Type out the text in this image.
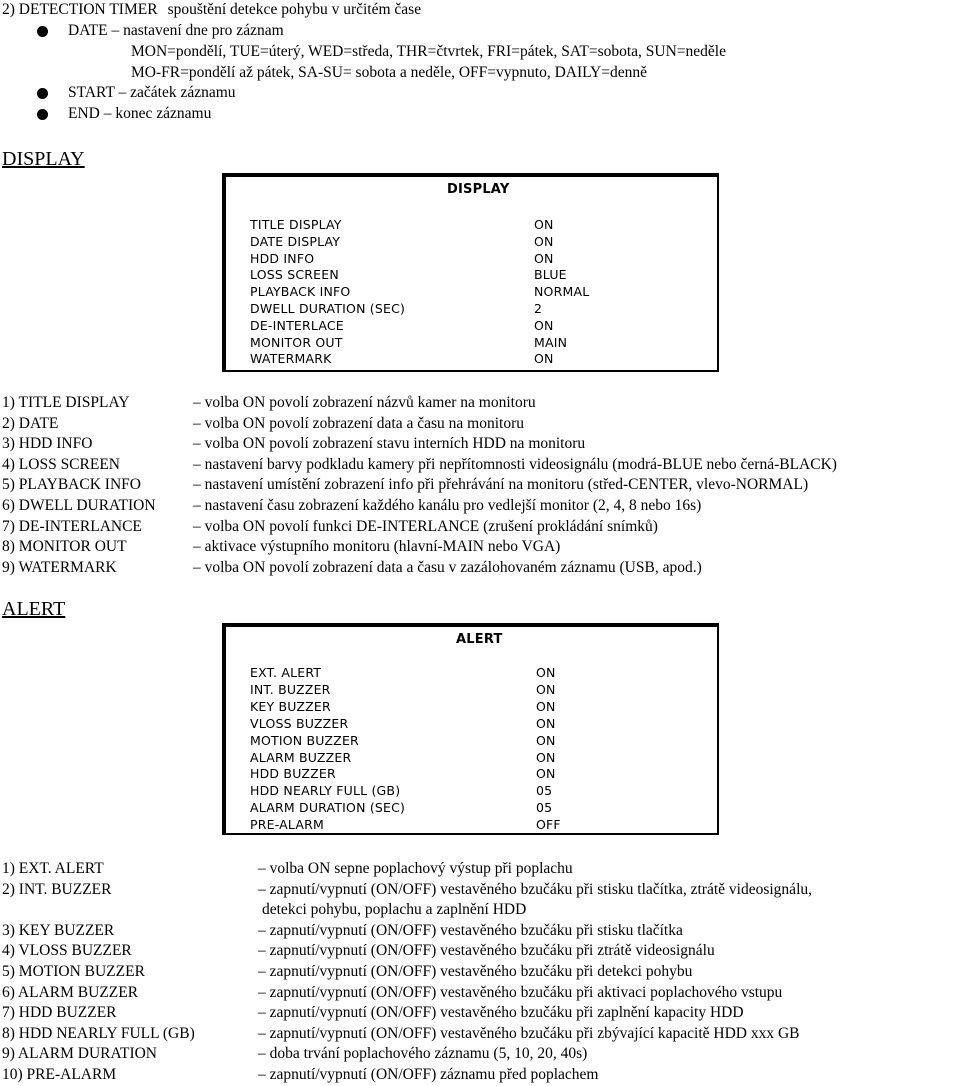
2) DETECTION TIMER spouštění detekce pohybu v určitém čase
DATE – nastavení dne pro záznam
MON=pondělí, TUE=úterý, WED=středa, THR=čtvrtek, FRI=pátek, SAT=sobota, SUN=neděle
MO-FR=pondělí až pátek, SA-SU= sobota a neděle, OFF=vypnuto, DAILY=denně
START – začátek záznamu
END – konec záznamu
DISPLAY
DISPLAY
TITLE DISPLAY	ON
DATE DISPLAY	ON
HDD INFO	ON
LOSS SCREEN	BLUE
PLAYBACK INFO	NORMAL
DWELL DURATION (SEC)	2
DE-INTERLACE	ON
MONITOR OUT	MAIN
WATERMARK	ON
1) TITLE DISPLAY	– volba ON povolí zobrazení názvů kamer na monitoru
2) DATE	– volba ON povolí zobrazení data a času na monitoru
3) HDD INFO	– volba ON povolí zobrazení stavu interních HDD na monitoru
4) LOSS SCREEN	– nastavení barvy podkladu kamery při nepřítomnosti videosignálu (modrá-BLUE nebo černá-BLACK)
5) PLAYBACK INFO	– nastavení umístění zobrazení info při přehrávání na monitoru (střed-CENTER, vlevo-NORMAL)
6) DWELL DURATION – nastavení času zobrazení každého kanálu pro vedlejší monitor (2, 4, 8 nebo 16s)
7) DE-INTERLANCE	– volba ON povolí funkci DE-INTERLANCE (zrušení prokládání snímků)
8) MONITOR OUT	– aktivace výstupního monitoru (hlavní-MAIN nebo VGA)
9) WATERMARK	– volba ON povolí zobrazení data a času v zazálohovaném záznamu (USB, apod.)
ALERT
ALERT
EXT. ALERT	ON
INT. BUZZER	ON
KEY BUZZER	ON
VLOSS BUZZER	ON
MOTION BUZZER	ON
ALARM BUZZER	ON
HDD BUZZER	ON
HDD NEARLY FULL (GB)	05
ALARM DURATION (SEC)	05
PRE-ALARM	OFF
1) EXT. ALERT	– volba ON sepne poplachový výstup při poplachu
2) INT. BUZZER	– zapnutí/vypnutí (ON/OFF) vestavěného bzučáku při stisku tlačítka, ztrátě videosignálu,
detekci pohybu, poplachu a zaplnění HDD
3) KEY BUZZER	– zapnutí/vypnutí (ON/OFF) vestavěného bzučáku při stisku tlačítka
4) VLOSS BUZZER	– zapnutí/vypnutí (ON/OFF) vestavěného bzučáku při ztrátě videosignálu
5) MOTION BUZZER	– zapnutí/vypnutí (ON/OFF) vestavěného bzučáku při detekci pohybu
6) ALARM BUZZER	– zapnutí/vypnutí (ON/OFF) vestavěného bzučáku při aktivaci poplachového vstupu
7) HDD BUZZER	– zapnutí/vypnutí (ON/OFF) vestavěného bzučáku při zaplnění kapacity HDD
8) HDD NEARLY FULL (GB)	– zapnutí/vypnutí (ON/OFF) vestavěného bzučáku při zbývající kapacitě HDD xxx GB
9) ALARM DURATION	– doba trvání poplachového záznamu (5, 10, 20, 40s)
10) PRE-ALARM	– zapnutí/vypnutí (ON/OFF) záznamu před poplachem
